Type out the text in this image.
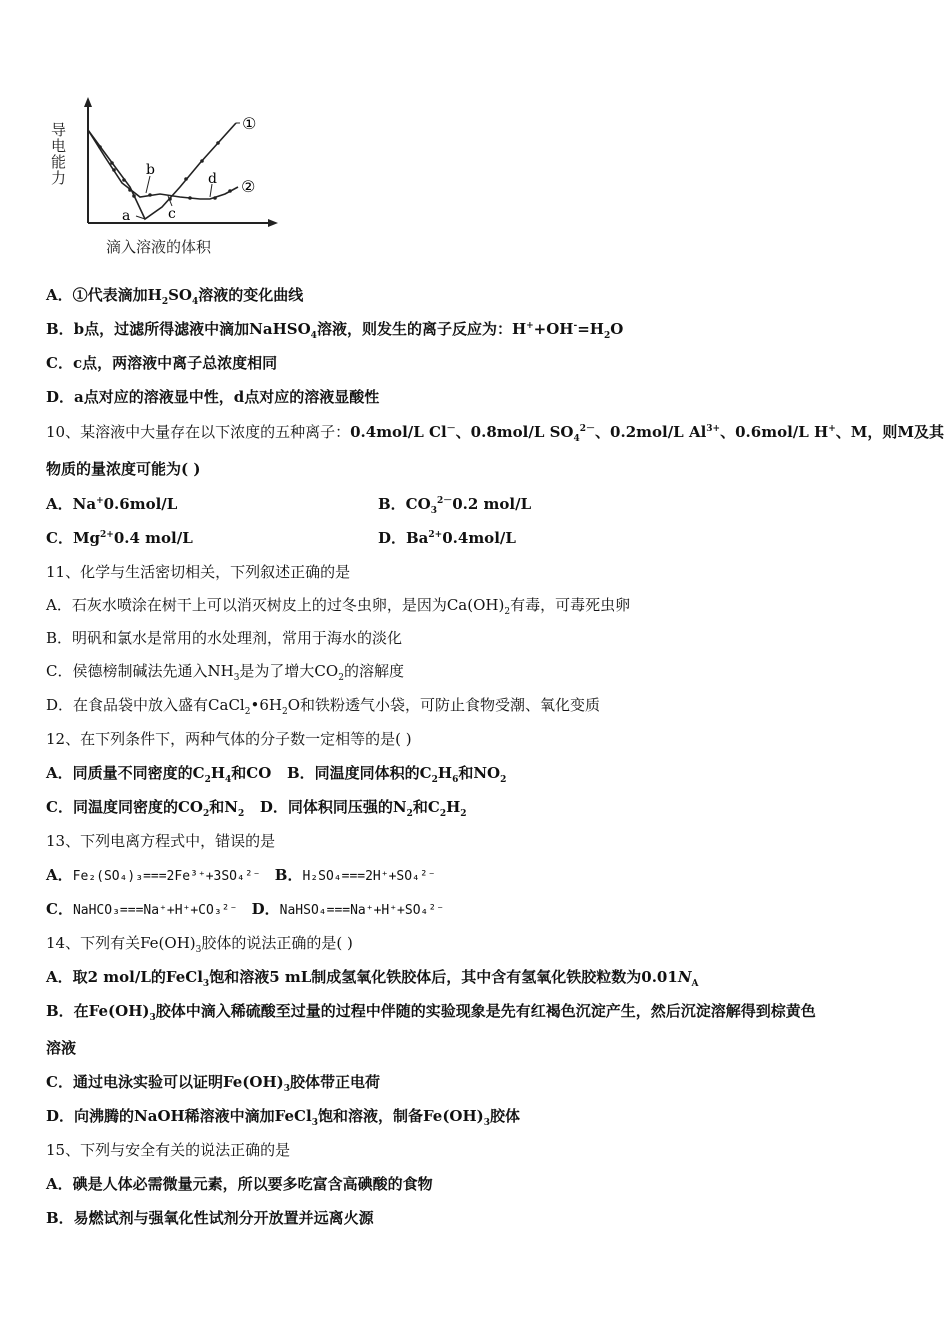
a
b
c
d
①
②
导电能力
滴入溶液的体积
A．①代表滴加$H_2SO_4$溶液的变化曲线
B．b点，过滤所得滤液中滴加NaHSO$_4$溶液，则发生的离子反应为：$H^++OH^-=H_2O$
C．c点，两溶液中离子总浓度相同
D．a点对应的溶液显中性，d点对应的溶液显酸性
10、某溶液中大量存在以下浓度的五种离子：0.4mol/L Cl－、0.8mol/L $SO_4^{2-}$、0.2mol/L $Al^{3+}$、0.6mol/L H+、M，则M及其
物质的量浓度可能为( )
A．Na+0.6mol/L	B．$CO_3^{2-}0.2$ mol/L
C．$Mg^{2+}0.4$ mol/L	D．$Ba^{2+}0.4mol/L$
11、化学与生活密切相关，下列叙述正确的是
A．石灰水喷涂在树干上可以消灭树皮上的过冬虫卵，是因为$Ca(OH)_2$有毒，可毒死虫卵
B．明矾和氯水是常用的水处理剂，常用于海水的淡化
C．侯德榜制碱法先通入$NH_3$是为了增大$CO_2$的溶解度
D．在食品袋中放入盛有$CaCl_2•6H_2O$和铁粉透气小袋，可防止食物受潮、氧化变质
12、在下列条件下，两种气体的分子数一定相等的是( )
A．同质量不同密度的$C_2H_4$和CO B．同温度同体积的$C_2H_6$和$NO_2$
C．同温度同密度的$CO_2$和$N_2$ D．同体积同压强的$N_2$和$C_2H_2$
13、下列电离方程式中，错误的是
A．Fe₂(SO₄)₃===2Fe³⁺+3SO₄²⁻ B．H₂SO₄===2H⁺+SO₄²⁻
C．NaHCO₃===Na⁺+H⁺+CO₃²⁻ D．NaHSO₄===Na⁺+H⁺+SO₄²⁻
14、下列有关$Fe(OH)_3$胶体的说法正确的是( )
A．取2 mol/L的FeCl$_3$饱和溶液5 mL制成氢氧化铁胶体后，其中含有氢氧化铁胶粒数为$0.01N_A$
B．在$Fe(OH)_3$胶体中滴入稀硫酸至过量的过程中伴随的实验现象是先有红褐色沉淀产生，然后沉淀溶解得到棕黄色
溶液
C．通过电泳实验可以证明$Fe(OH)_3$胶体带正电荷
D．向沸腾的NaOH稀溶液中滴加FeCl$_3$饱和溶液，制备$Fe(OH)_3$胶体
15、下列与安全有关的说法正确的是
A．碘是人体必需微量元素，所以要多吃富含高碘酸的食物
B．易燃试剂与强氧化性试剂分开放置并远离火源
